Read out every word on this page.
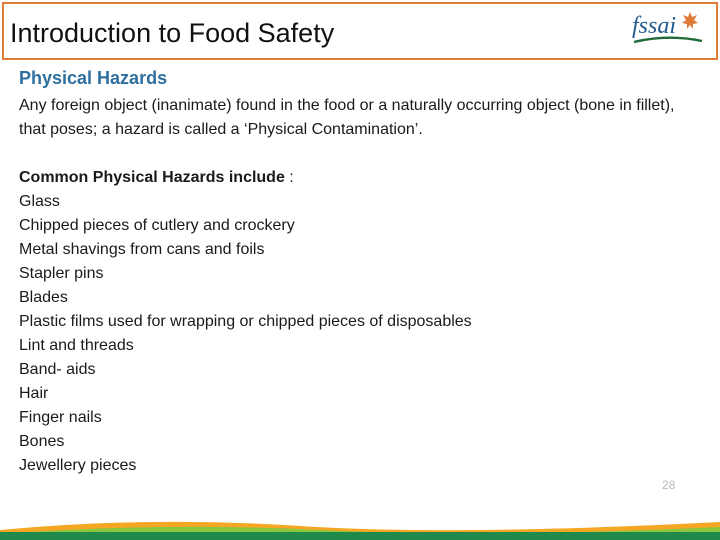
Introduction to Food Safety	fssai
Physical Hazards

Any foreign object (inanimate) found in the food or a naturally occurring object (bone in fillet), that poses; a hazard is called a ‘Physical Contamination’.

Common Physical Hazards include :
Glass
Chipped pieces of cutlery and crockery
Metal shavings from cans and foils
Stapler pins
Blades
Plastic films used for wrapping or chipped pieces of disposables
Lint and threads
Band- aids
Hair
Finger nails
Bones
Jewellery pieces
28
